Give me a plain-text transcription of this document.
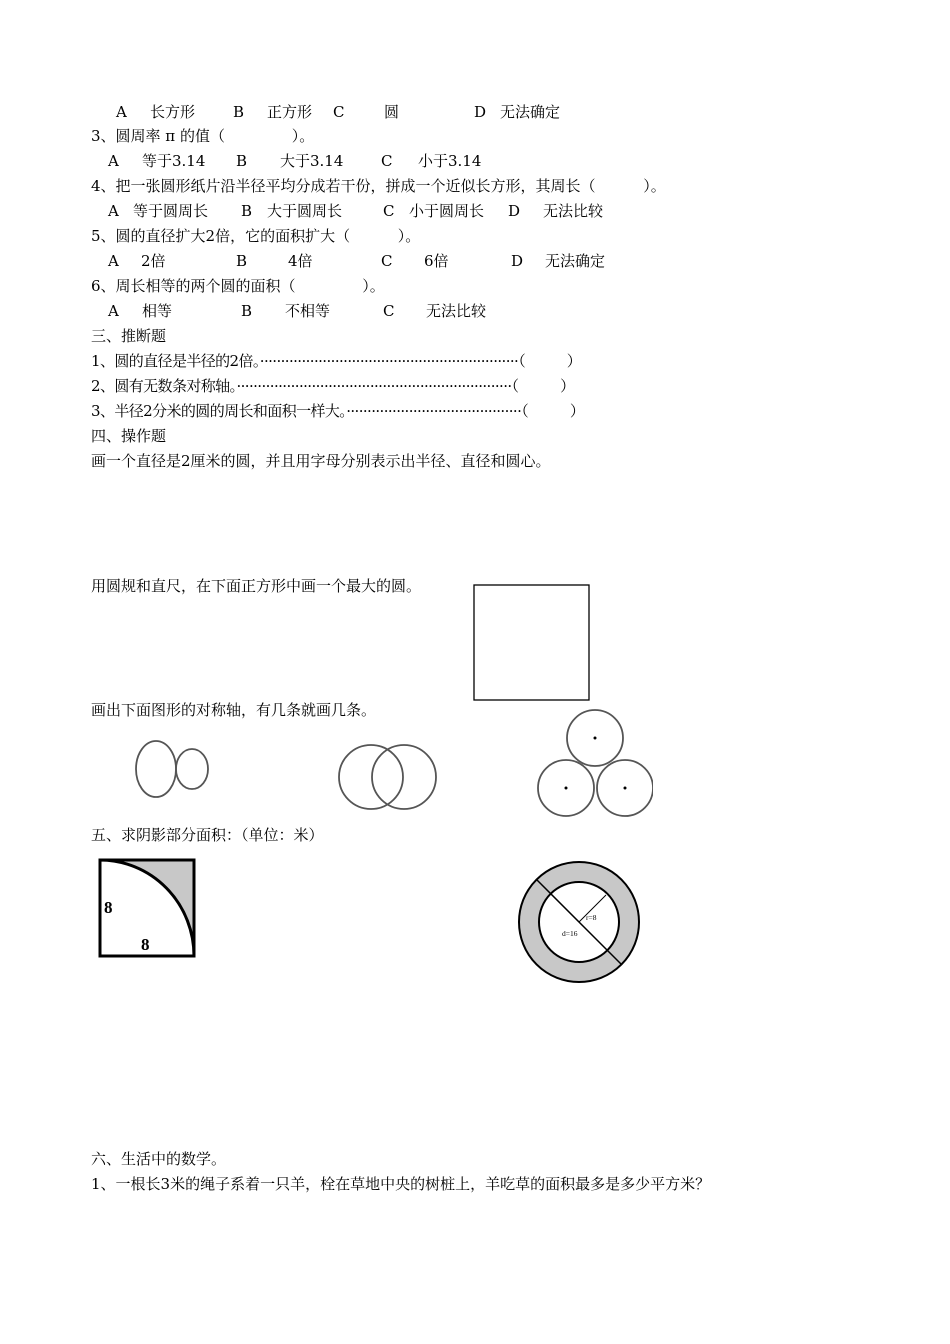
A 长方形	B 正方形 C	圆	D 无法确定
3、圆周率 π 的值（              ）。
A 等于3.14 B 大于3.14	C 小于3.14
4、把一张圆形纸片沿半径平均分成若干份，拼成一个近似长方形，其周长（          ）。
A 等于圆周长 B 大于圆周长	C 小于圆周长 D 无法比较
5、圆的直径扩大2倍，它的面积扩大（          ）。
A 2倍	B	4倍	C 6倍	D 无法确定
6、周长相等的两个圆的面积（              ）。
A 相等	B 不相等	C 无法比较
三、推断题
1、圆的直径是半径的2倍。······························································（          ）
2、圆有无数条对称轴。··································································（          ）
3、半径2分米的圆的周长和面积一样大。··········································（          ）
四、操作题
画一个直径是2厘米的圆，并且用字母分别表示出半径、直径和圆心。
用圆规和直尺，在下面正方形中画一个最大的圆。
画出下面图形的对称轴，有几条就画几条。
五、求阴影部分面积：（单位：米）
8
8
r=8
d=16
六、生活中的数学。
1、一根长3米的绳子系着一只羊，栓在草地中央的树桩上，羊吃草的面积最多是多少平方米？
